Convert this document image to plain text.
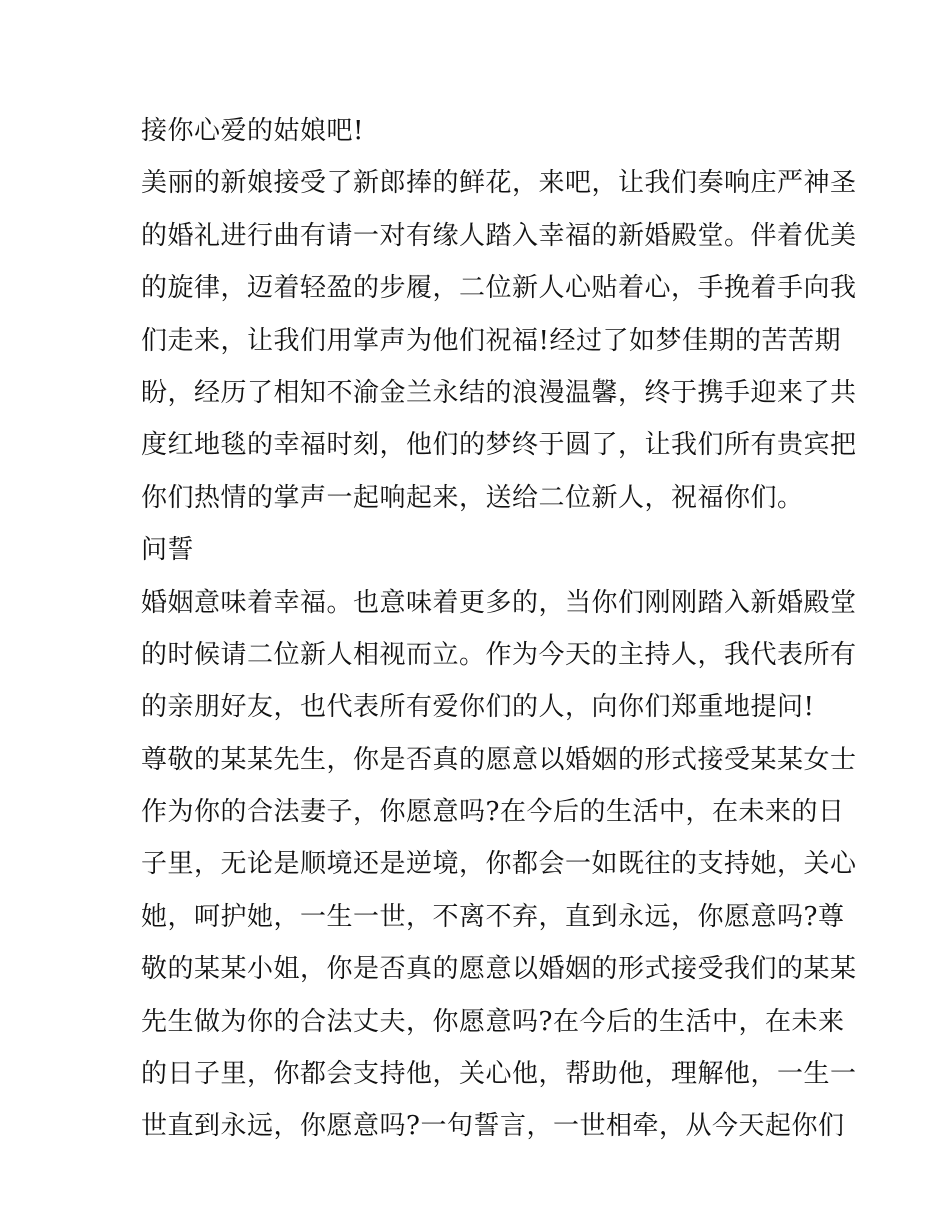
接你心爱的姑娘吧!
美丽的新娘接受了新郎捧的鲜花，来吧，让我们奏响庄严神圣
的婚礼进行曲有请一对有缘人踏入幸福的新婚殿堂。伴着优美
的旋律，迈着轻盈的步履，二位新人心贴着心，手挽着手向我
们走来，让我们用掌声为他们祝福!经过了如梦佳期的苦苦期
盼，经历了相知不渝金兰永结的浪漫温馨，终于携手迎来了共
度红地毯的幸福时刻，他们的梦终于圆了，让我们所有贵宾把
你们热情的掌声一起响起来，送给二位新人，祝福你们。
问誓
婚姻意味着幸福。也意味着更多的，当你们刚刚踏入新婚殿堂
的时候请二位新人相视而立。作为今天的主持人，我代表所有
的亲朋好友，也代表所有爱你们的人，向你们郑重地提问!
尊敬的某某先生，你是否真的愿意以婚姻的形式接受某某女士
作为你的合法妻子，你愿意吗?在今后的生活中，在未来的日
子里，无论是顺境还是逆境，你都会一如既往的支持她，关心
她，呵护她，一生一世，不离不弃，直到永远，你愿意吗?尊
敬的某某小姐，你是否真的愿意以婚姻的形式接受我们的某某
先生做为你的合法丈夫，你愿意吗?在今后的生活中，在未来
的日子里，你都会支持他，关心他，帮助他，理解他，一生一
世直到永远，你愿意吗?一句誓言，一世相牵，从今天起你们
